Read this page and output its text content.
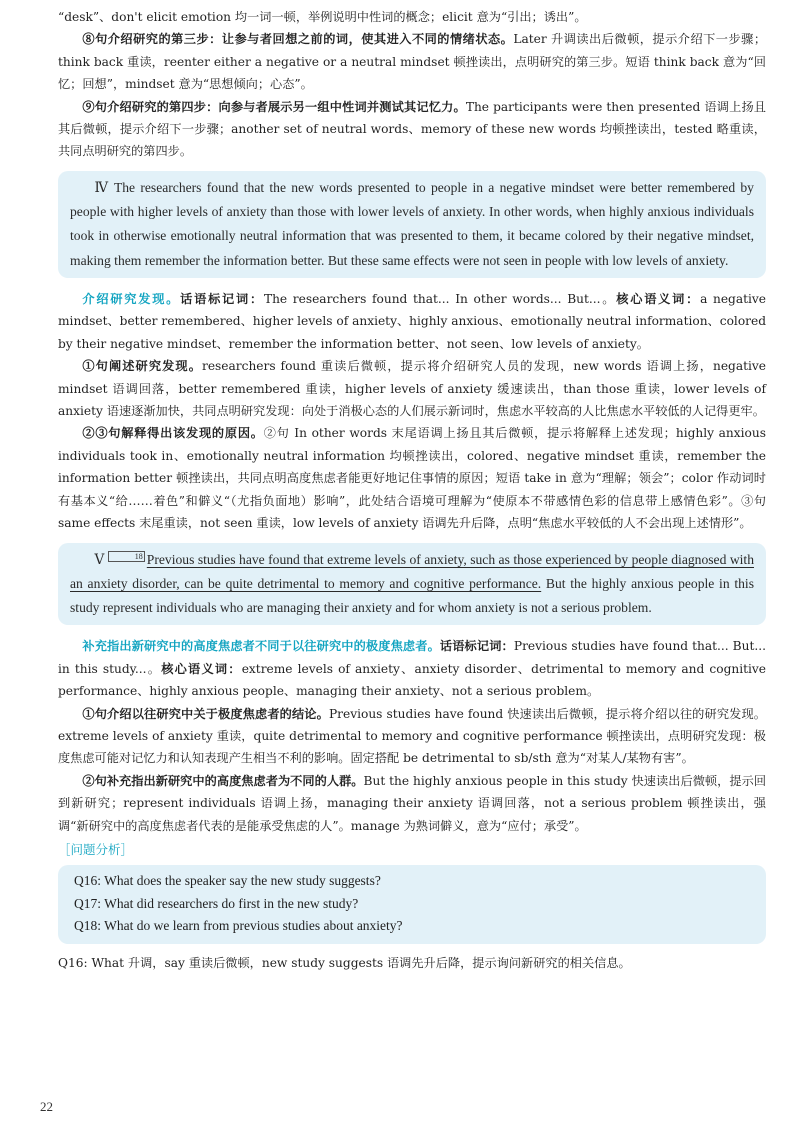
“desk”、don't elicit emotion 均一词一顿，举例说明中性词的概念；elicit 意为“引出；诱出”。

⑧句介绍研究的第三步：让参与者回想之前的词，使其进入不同的情绪状态。Later 升调读出后微顿，提示介绍下一步骤；think back 重读，reenter either a negative or a neutral mindset 顿挫读出，点明研究的第三步。短语 think back 意为“回忆；回想”，mindset 意为“思想倾向；心态”。

⑨句介绍研究的第四步：向参与者展示另一组中性词并测试其记忆力。The participants were then presented 语调上扬且其后微顿，提示介绍下一步骤；another set of neutral words、memory of these new words 均顿挫读出，tested 略重读，共同点明研究的第四步。

Ⅳ The researchers found that the new words presented to people in a negative mindset were better remembered by people with higher levels of anxiety than those with lower levels of anxiety. In other words, when highly anxious individuals took in otherwise emotionally neutral information that was presented to them, it became colored by their negative mindset, making them remember the information better. But these same effects were not seen in people with low levels of anxiety.

介绍研究发现。话语标记词：The researchers found that... In other words... But...。核心语义词：a negative mindset、better remembered、higher levels of anxiety、highly anxious、emotionally neutral information、colored by their negative mindset、remember the information better、not seen、low levels of anxiety。

①句阐述研究发现。researchers found 重读后微顿，提示将介绍研究人员的发现，new words 语调上扬，negative mindset 语调回落，better remembered 重读，higher levels of anxiety 缓速读出，than those 重读，lower levels of anxiety 语速逐渐加快，共同点明研究发现：向处于消极心态的人们展示新词时，焦虑水平较高的人比焦虑水平较低的人记得更牢。

②③句解释得出该发现的原因。②句 In other words 末尾语调上扬且其后微顿，提示将解释上述发现；highly anxious individuals took in、emotionally neutral information 均顿挫读出，colored、negative mindset 重读，remember the information better 顿挫读出，共同点明高度焦虑者能更好地记住事情的原因；短语 take in 意为“理解；领会”；color 作动词时有基本义“给……着色”和僻义“（尤指负面地）影响”，此处结合语境可理解为“使原本不带感情色彩的信息带上感情色彩”。③句 same effects 末尾重读，not seen 重读，low levels of anxiety 语调先升后降，点明“焦虑水平较低的人不会出现上述情形”。

Ⅴ	18 Previous studies have found that extreme levels of anxiety, such as those experienced by people diagnosed with an anxiety disorder, can be quite detrimental to memory and cognitive performance. But the highly anxious people in this study represent individuals who are managing their anxiety and for whom anxiety is not a serious problem.

补充指出新研究中的高度焦虑者不同于以往研究中的极度焦虑者。话语标记词：Previous studies have found that... But... in this study...。核心语义词：extreme levels of anxiety、anxiety disorder、detrimental to memory and cognitive performance、highly anxious people、managing their anxiety、not a serious problem。

①句介绍以往研究中关于极度焦虑者的结论。Previous studies have found 快速读出后微顿，提示将介绍以往的研究发现。extreme levels of anxiety 重读，quite detrimental to memory and cognitive performance 顿挫读出，点明研究发现：极度焦虑可能对记忆力和认知表现产生相当不利的影响。固定搭配 be detrimental to sb/sth 意为“对某人/某物有害”。

②句补充指出新研究中的高度焦虑者为不同的人群。But the highly anxious people in this study 快速读出后微顿，提示回到新研究；represent individuals 语调上扬，managing their anxiety 语调回落，not a serious problem 顿挫读出，强调“新研究中的高度焦虑者代表的是能承受焦虑的人”。manage 为熟词僻义，意为“应付；承受”。

［问题分析］
Q16: What does the speaker say the new study suggests?
Q17: What did researchers do first in the new study?
Q18: What do we learn from previous studies about anxiety?

Q16: What 升调，say 重读后微顿，new study suggests 语调先升后降，提示询问新研究的相关信息。

22
